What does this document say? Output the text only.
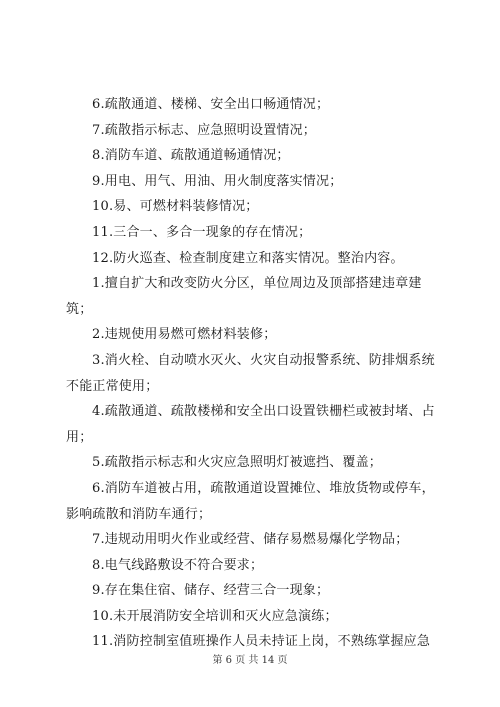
6.疏散通道、楼梯、安全出口畅通情况；

7.疏散指示标志、应急照明设置情况；

8.消防车道、疏散通道畅通情况；

9.用电、用气、用油、用火制度落实情况；

10.易、可燃材料装修情况；

11.三合一、多合一现象的存在情况；

12.防火巡查、检查制度建立和落实情况。整治内容。

1.擅自扩大和改变防火分区，单位周边及顶部搭建违章建筑；

2.违规使用易燃可燃材料装修；

3.消火栓、自动喷水灭火、火灾自动报警系统、防排烟系统不能正常使用；

4.疏散通道、疏散楼梯和安全出口设置铁栅栏或被封堵、占用；

5.疏散指示标志和火灾应急照明灯被遮挡、覆盖；

6.消防车道被占用，疏散通道设置摊位、堆放货物或停车，影响疏散和消防车通行；

7.违规动用明火作业或经营、储存易燃易爆化学物品；

8.电气线路敷设不符合要求；

9.存在集住宿、储存、经营三合一现象；

10.未开展消防安全培训和灭火应急演练；

11.消防控制室值班操作人员未持证上岗，不熟练掌握应急

第 6 页 共 14 页
